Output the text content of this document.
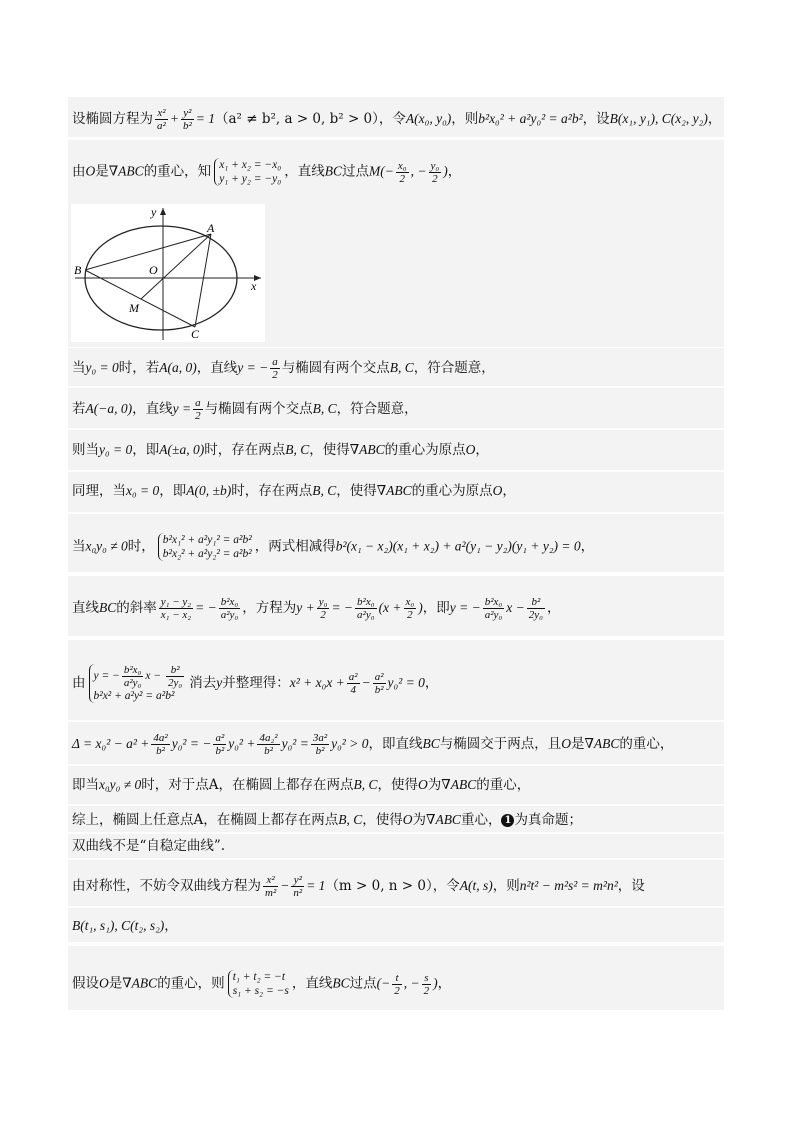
设椭圆方程为 $\frac{\text{x²}}{\text{a²}} + \frac{\text{y²}}{\text{b²}} = 1(a^2 \ne b^2$, a > 0, b² > 0），令A(x₀, y₀)，则b²x₀² + a²y₀² = a²b²，设B(x₁, y₁), C(x₂, y₂)，
由O是∇ABC的重心，知 x₁ + x₂ = −x₀
y₁ + y₂ = −y₀ ，直线BC过点$M(- \frac{\text{x₀}}{2}$ , − $\frac{\text{y₀}}{2}$ )，
y
x
O
A
B
C
M
当y₀ = 0时，若A(a, 0)，直线y = − $\frac{a}{2}$ 与椭圆有两个交点B, C，符合题意，
若A(−a, 0)，直线$y = \frac{a}{2}$ 与椭圆有两个交点B, C，符合题意，
则当y₀ = 0，即A(±a, 0)时，存在两点B, C，使得∇ABC的重心为原点O，
同理，当x₀ = 0，即A(0, ±b)时，存在两点B, C，使得∇ABC的重心为原点O，
当x₀y₀ ≠ 0时， b²x₁² + a²y₁² = a²b²
b²x₂² + a²y₂² = a²b² ，两式相减得b²(x₁ − x₂)(x₁ + x₂) + a²(y₁ − y₂)(y₁ + y₂) = 0，
直线BC的斜率 $\frac{\text{y₁ − y₂}}{\text{x₁ − x₂}}$ = − $\frac{\text{b²x₀}}{\text{a²y₀}}$ ，方程为$y + \frac{\text{y₀}}{2}$ = − $\frac{\text{b²x₀}}{\text{a²y₀}} (x + \frac{\text{x₀}}{2}$ )，即y = − $\frac{\text{b²x₀}}{\text{a²y₀}}$ $x - \frac{\text{b²}}{\text{2y₀}}$ ，
由 y = − $\frac{\text{b²x₀}}{\text{a²y₀}}$ $x - \frac{\text{b²}}{\text{2y₀}}$

b²x² + a²y² = a²b²消去y并整理得：$x^2 + x_0x + \frac{\text{a²}}{4} - \frac{\text{a²}}{\text{b²}} y_0^2 = 0$，
$\Delta = x_0^2 - a^2 + \frac{\text{4a²}}{\text{b²}} y_0^2$ = − $\frac{\text{a²}}{\text{b²}} y_0^2 + \frac{\text{4a₂²}}{\text{b²}} y_0^2 = \frac{\text{3a²}}{\text{b²}} y_0^2 > 0$，即直线BC与椭圆交于两点，且O是∇ABC的重心，
即当x₀y₀ ≠ 0时，对于点A，在椭圆上都存在两点B, C，使得O为∇ABC的重心，
综上，椭圆上任意点A，在椭圆上都存在两点B, C，使得O为∇ABC重心， 1 为真命题；
双曲线不是“自稳定曲线”.
由对称性，不妨令双曲线方程为 $\frac{\text{x²}}{\text{m²}} - \frac{\text{y²}}{\text{n²}} = 1(m > 0$, n > 0），令A(t, s)，则n²t² − m²s² = m²n²，设
B(t₁, s₁), C(t₂, s₂)，
假设O是∇ABC的重心，则 t₁ + t₂ = −t
s₁ + s₂ = −s ，直线BC过点(− $\frac{t}{2}$ , − $\frac{s}{2}$ )，
